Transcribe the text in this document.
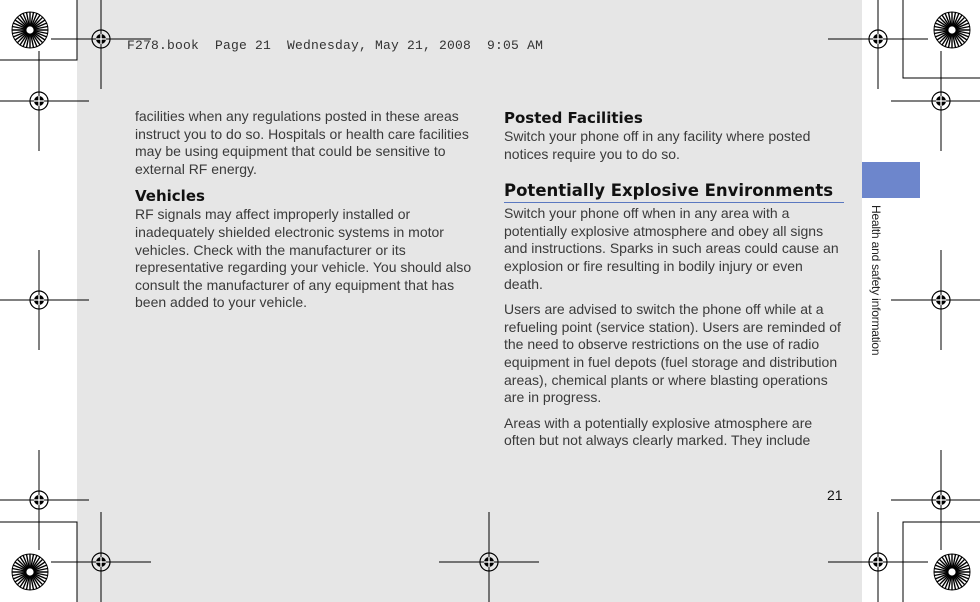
F278.book  Page 21  Wednesday, May 21, 2008  9:05 AM

facilities when any regulations posted in these areas instruct you to do so. Hospitals or health care facilities may be using equipment that could be sensitive to external RF energy.

Vehicles

RF signals may affect improperly installed or inadequately shielded electronic systems in motor vehicles. Check with the manufacturer or its representative regarding your vehicle. You should also consult the manufacturer of any equipment that has been added to your vehicle.

Posted Facilities

Switch your phone off in any facility where posted notices require you to do so.

Potentially Explosive Environments

Switch your phone off when in any area with a potentially explosive atmosphere and obey all signs and instructions. Sparks in such areas could cause an explosion or fire resulting in bodily injury or even death.

Users are advised to switch the phone off while at a refueling point (service station). Users are reminded of the need to observe restrictions on the use of radio equipment in fuel depots (fuel storage and distribution areas), chemical plants or where blasting operations are in progress.

Areas with a potentially explosive atmosphere are often but not always clearly marked. They include

Health and safety information
21
